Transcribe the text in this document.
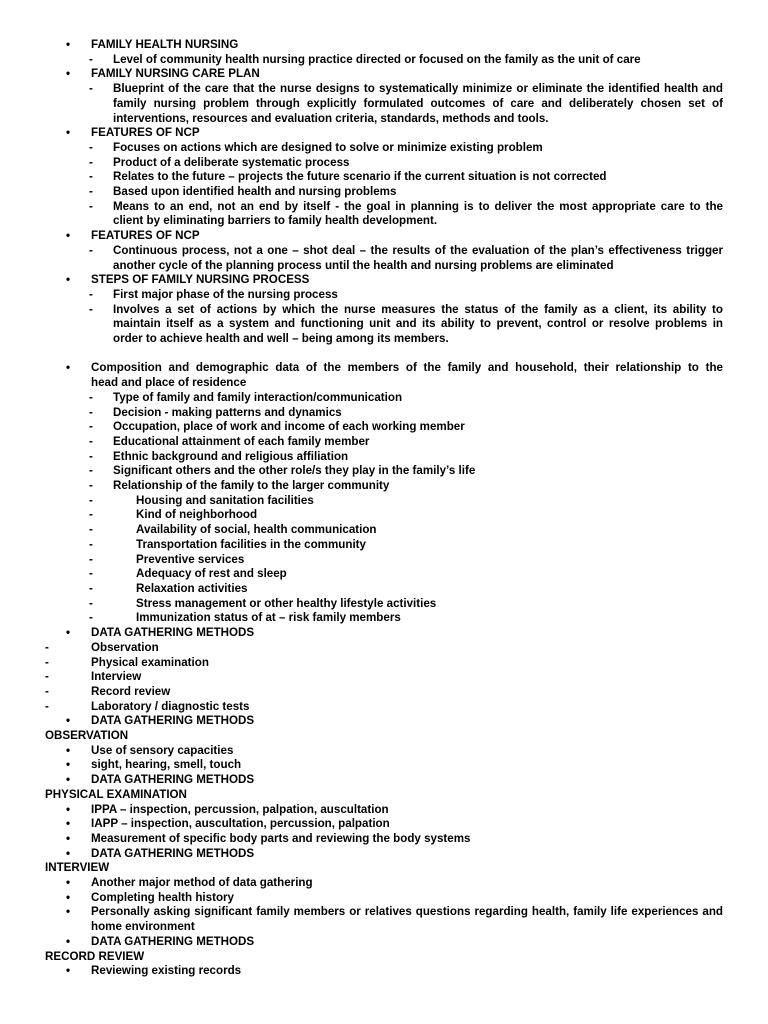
• FAMILY HEALTH NURSING
- Level of community health nursing practice directed or focused on the family as the unit of care
• FAMILY NURSING CARE PLAN
- Blueprint of the care that the nurse designs to systematically minimize or eliminate the identified health and
family nursing problem through explicitly formulated outcomes of care and deliberately chosen set of
interventions, resources and evaluation criteria, standards, methods and tools.
• FEATURES OF NCP
- Focuses on actions which are designed to solve or minimize existing problem
- Product of a deliberate systematic process
- Relates to the future – projects the future scenario if the current situation is not corrected
- Based upon identified health and nursing problems
- Means to an end, not an end by itself - the goal in planning is to deliver the most appropriate care to the
client by eliminating barriers to family health development.
• FEATURES OF NCP
- Continuous process, not a one – shot deal – the results of the evaluation of the plan’s effectiveness trigger
another cycle of the planning process until the health and nursing problems are eliminated
• STEPS OF FAMILY NURSING PROCESS
- First major phase of the nursing process
- Involves a set of actions by which the nurse measures the status of the family as a client, its ability to
maintain itself as a system and functioning unit and its ability to prevent, control or resolve problems in
order to achieve health and well – being among its members.
• Composition and demographic data of the members of the family and household, their relationship to the
head and place of residence
- Type of family and family interaction/communication
- Decision - making patterns and dynamics
- Occupation, place of work and income of each working member
- Educational attainment of each family member
- Ethnic background and religious affiliation
- Significant others and the other role/s they play in the family’s life
- Relationship of the family to the larger community
-	Housing and sanitation facilities
-	Kind of neighborhood
-	Availability of social, health communication
-	Transportation facilities in the community
-	Preventive services
-	Adequacy of rest and sleep
-	Relaxation activities
-	Stress management or other healthy lifestyle activities
-	Immunization status of at – risk family members
• DATA GATHERING METHODS
-	Observation
-	Physical examination
-	Interview
-	Record review
-	Laboratory / diagnostic tests
• DATA GATHERING METHODS
OBSERVATION
• Use of sensory capacities
• sight, hearing, smell, touch
• DATA GATHERING METHODS
PHYSICAL EXAMINATION
• IPPA – inspection, percussion, palpation, auscultation
• IAPP – inspection, auscultation, percussion, palpation
• Measurement of specific body parts and reviewing the body systems
• DATA GATHERING METHODS
INTERVIEW
• Another major method of data gathering
• Completing health history
• Personally asking significant family members or relatives questions regarding health, family life experiences and
home environment
• DATA GATHERING METHODS
RECORD REVIEW
• Reviewing existing records
